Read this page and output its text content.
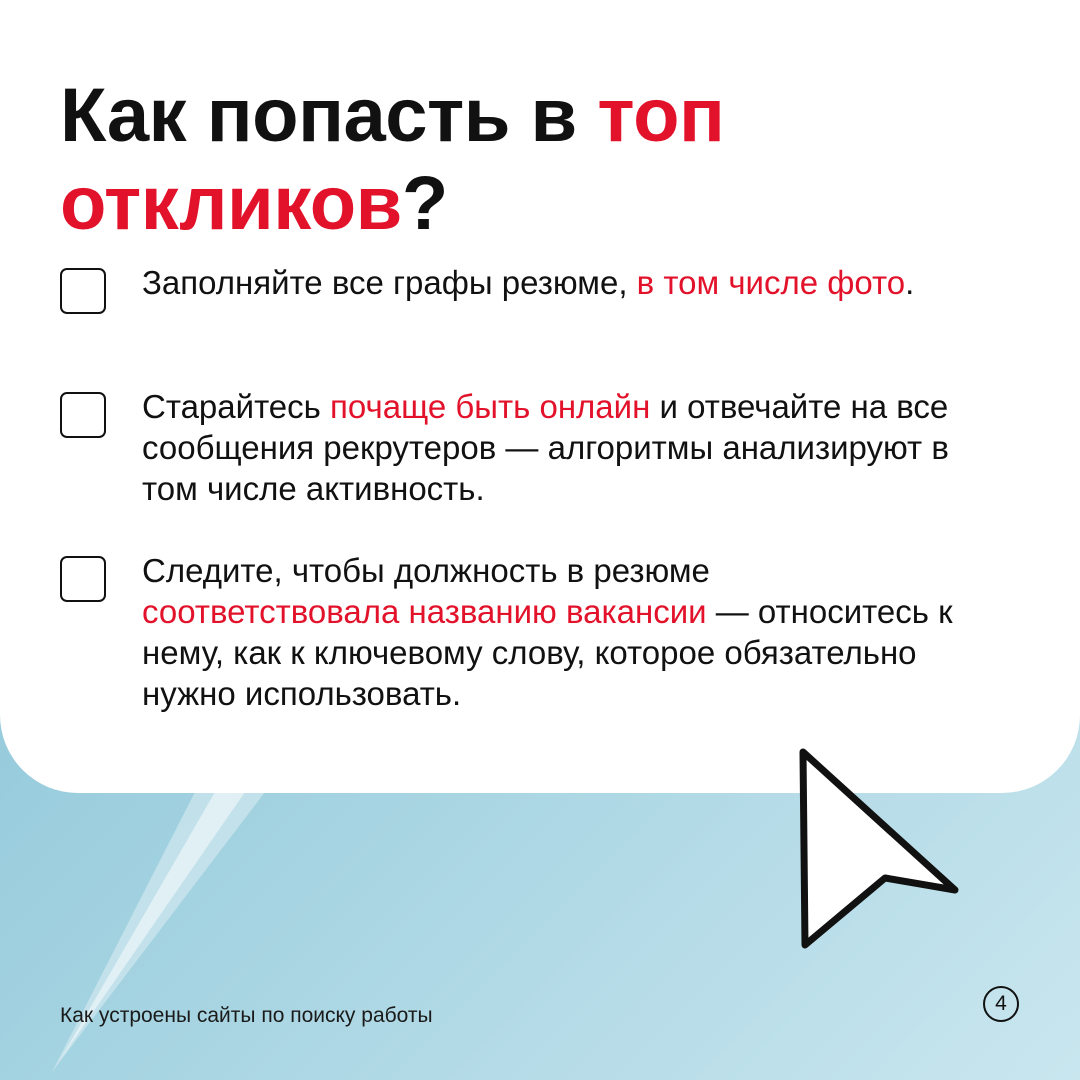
Как попасть в топ
откликов?

Заполняйте все графы резюме, в том числе фото.

Старайтесь почаще быть онлайн и отвечайте на все сообщения рекрутеров — алгоритмы анализируют в том числе активность.

Следите, чтобы должность в резюме соответствовала названию вакансии — относитесь к нему, как к ключевому слову, которое обязательно нужно использовать.

Как устроены сайты по поиску работы
4
